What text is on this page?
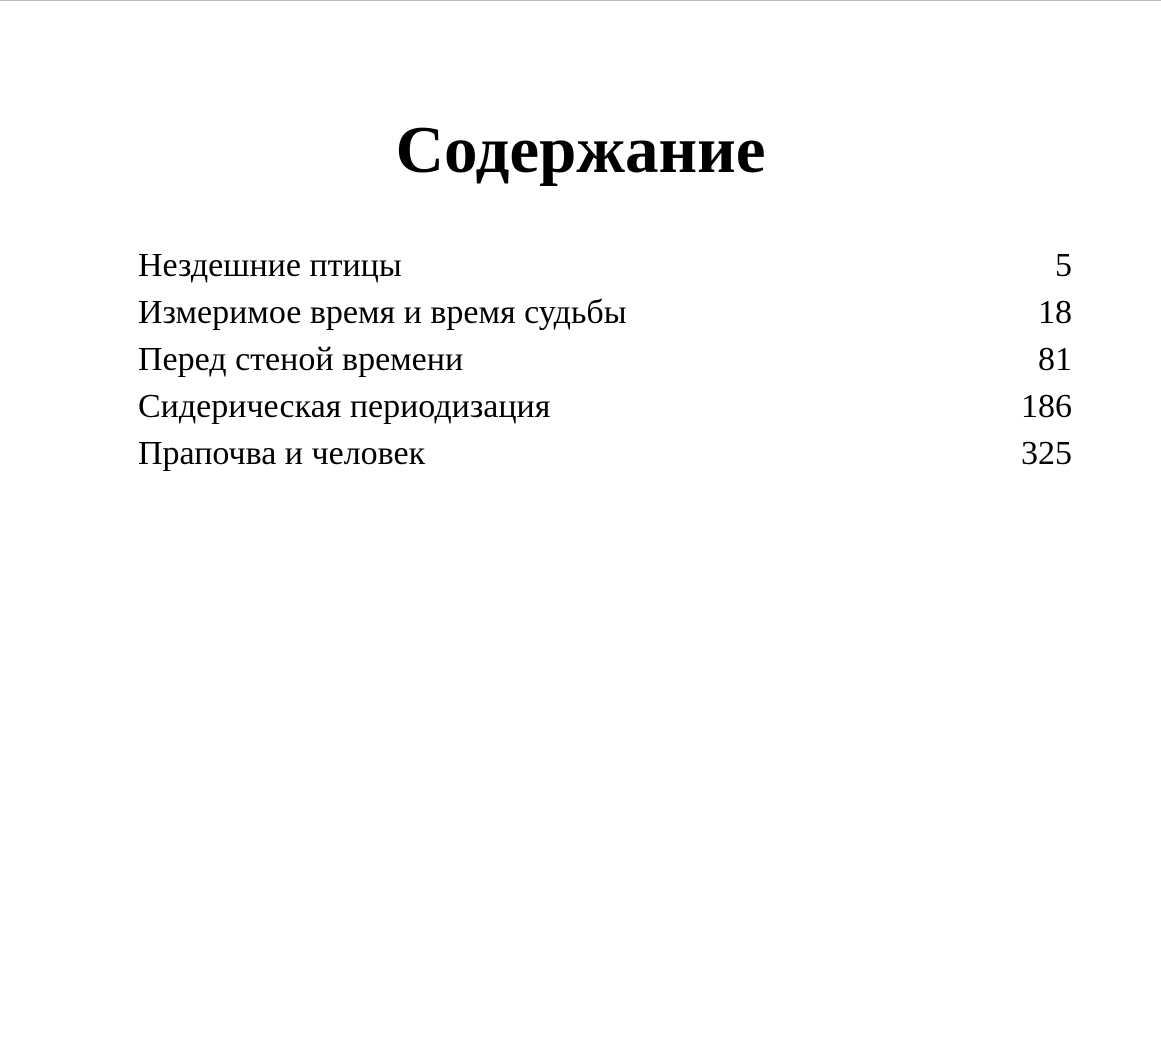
Содержание
Нездешние птицы	5
Измеримое время и время судьбы	18
Перед стеной времени	81
Сидерическая периодизация	186
Прапочва и человек	325
